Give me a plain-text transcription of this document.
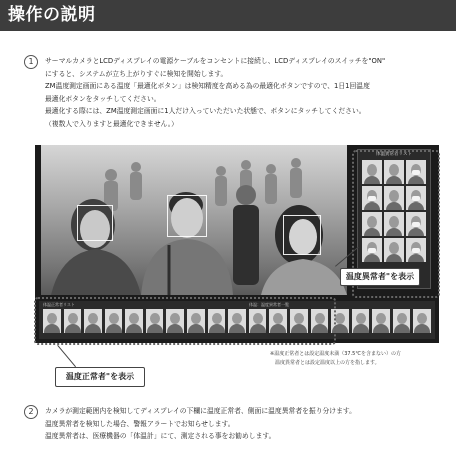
操作の説明
1	サーマルカメラとLCDディスプレイの電源ケーブルをコンセントに接続し、LCDディスプレイのスイッチを"ON"
にすると、システムが立ち上がりすぐに検知を開始します。
ZM温度測定画面にある温度「最適化ボタン」は検知精度を高める為の最適化ボタンですので、1日1回温度
最適化ボタンをタッチしてください。
最適化する際には、ZM温度測定画面に1人だけ入っていただいた状態で、ボタンにタッチしてください。
（複数人で入りますと最適化できません。）
体温異常者リスト
体温正常者リスト	体温：温度異常者一覧
温度異常者"を表示
温度正常者"を表示
※温度正常者とは設定温度未満（37.5℃を含まない）の方
温度異常者とは設定温度以上の方を指します。
2	カメラが測定範囲内を検知してディスプレイの下欄に温度正常者、側面に温度異常者を振り分けます。
温度異常者を検知した場合、警報アラートでお知らせします。
温度異常者は、医療機器の「体温計」にて、測定される事をお勧めします。
